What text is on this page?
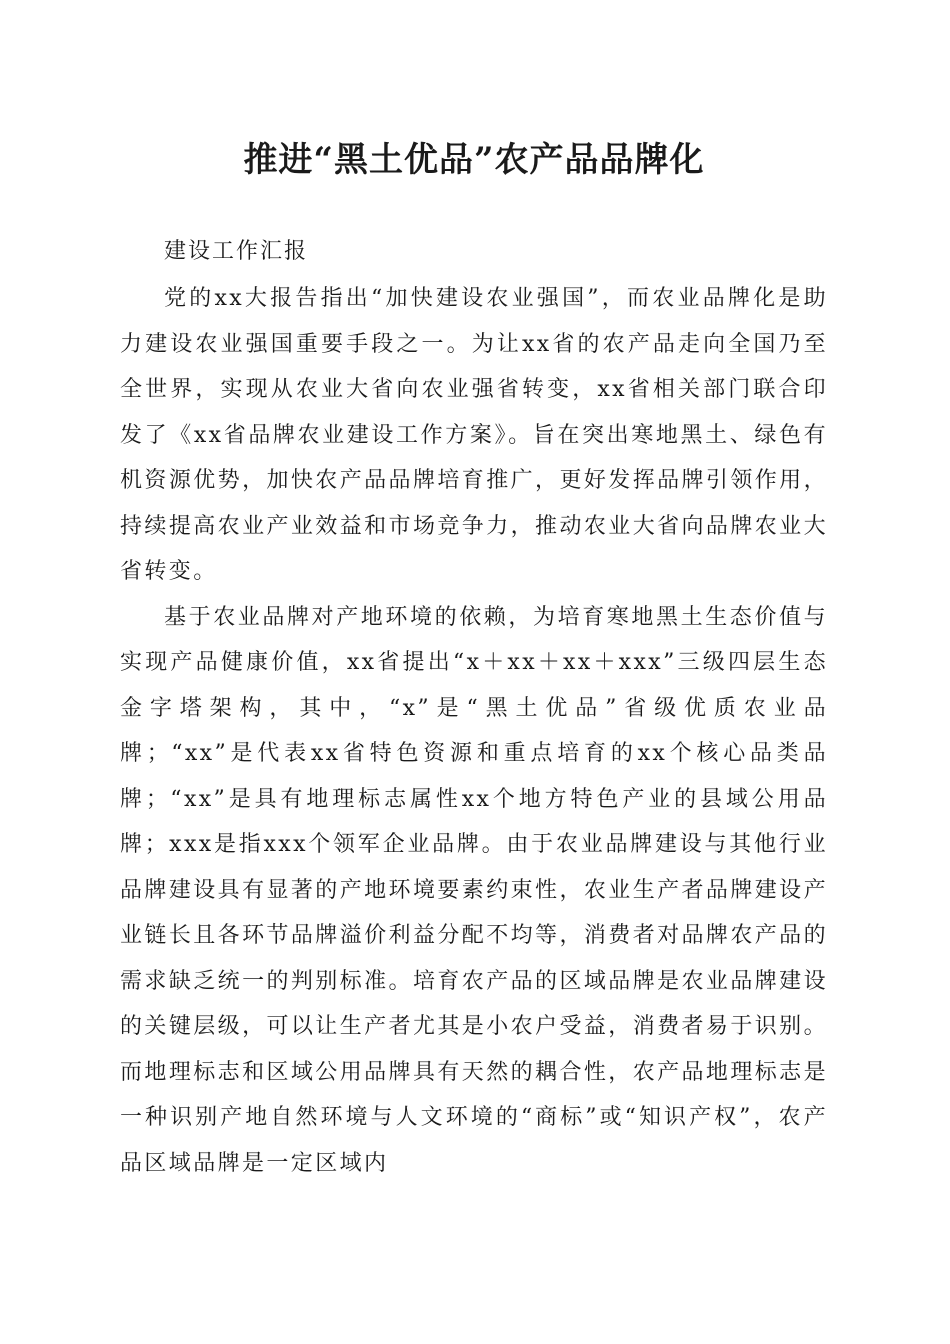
推进“黑土优品”农产品品牌化

建设工作汇报

党的xx大报告指出“加快建设农业强国”，而农业品牌化是助力建设农业强国重要手段之一。为让xx省的农产品走向全国乃至全世界，实现从农业大省向农业强省转变，xx省相关部门联合印发了《xx省品牌农业建设工作方案》。旨在突出寒地黑土、绿色有机资源优势，加快农产品品牌培育推广，更好发挥品牌引领作用，持续提高农业产业效益和市场竞争力，推动农业大省向品牌农业大省转变。

基于农业品牌对产地环境的依赖，为培育寒地黑土生态价值与实现产品健康价值，xx省提出“x＋xx＋xx＋xxx”三级四层生态金字塔架构，其中，“x”是“黑土优品”省级优质农业品牌；“xx”是代表xx省特色资源和重点培育的xx个核心品类品牌；“xx”是具有地理标志属性xx个地方特色产业的县域公用品牌；xxx是指xxx个领军企业品牌。由于农业品牌建设与其他行业品牌建设具有显著的产地环境要素约束性，农业生产者品牌建设产业链长且各环节品牌溢价利益分配不均等，消费者对品牌农产品的需求缺乏统一的判别标准。培育农产品的区域品牌是农业品牌建设的关键层级，可以让生产者尤其是小农户受益，消费者易于识别。而地理标志和区域公用品牌具有天然的耦合性，农产品地理标志是一种识别产地自然环境与人文环境的“商标”或“知识产权”，农产品区域品牌是一定区域内
